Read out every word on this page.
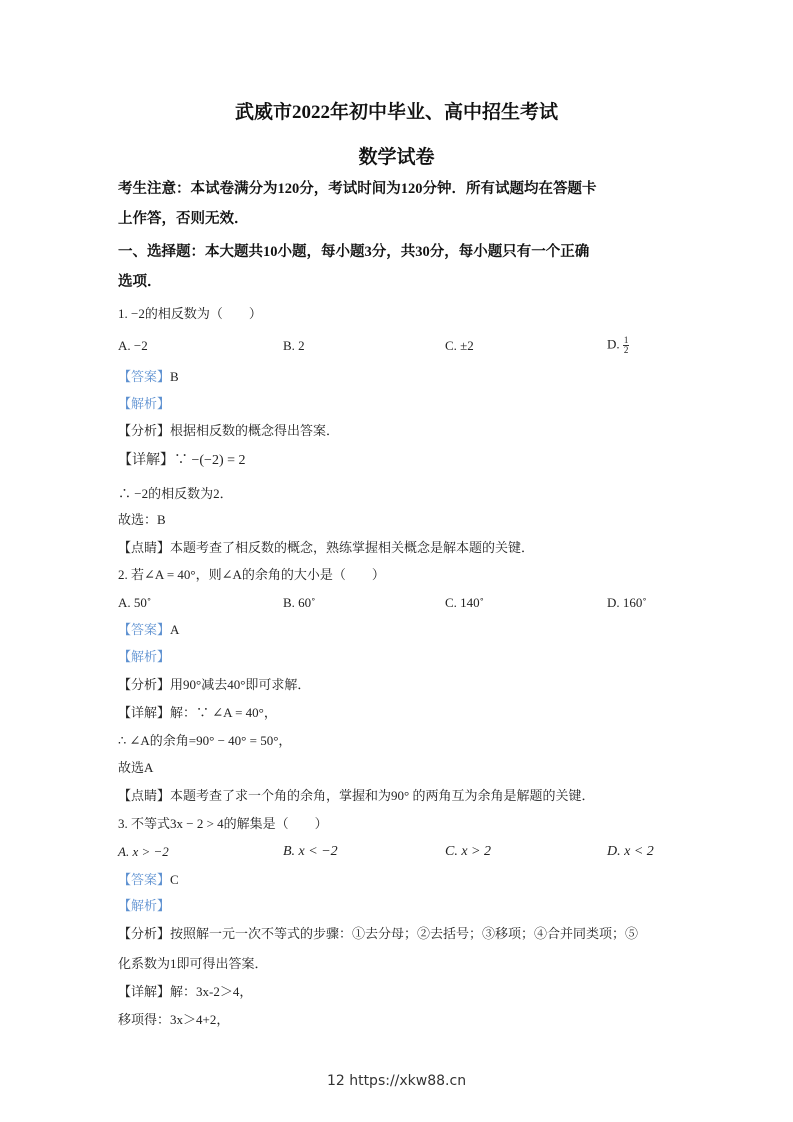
武威市2022年初中毕业、高中招生考试
数学试卷
考生注意：本试卷满分为120分，考试时间为120分钟．所有试题均在答题卡
上作答，否则无效．
一、选择题：本大题共10小题，每小题3分，共30分，每小题只有一个正确
选项．
1. −2的相反数为（　　）
A. −2	B. 2	C. ±2	D. $\frac{1}{2}$
【答案】B
【解析】
【分析】根据相反数的概念得出答案．
【详解】∵ −(−2) = 2
∴ −2的相反数为2．
故选：B
【点睛】本题考查了相反数的概念，熟练掌握相关概念是解本题的关键．
2. 若∠A = 40°，则∠A的余角的大小是（　　）
A. 50˚	B. 60˚	C. 140˚	D. 160˚
【答案】A
【解析】
【分析】用90°减去40°即可求解．
【详解】解：∵ ∠A = 40°，
∴ ∠A的余角=90° − 40° = 50°，
故选A
【点睛】本题考查了求一个角的余角，掌握和为90° 的两角互为余角是解题的关键．
3. 不等式3x − 2 > 4的解集是（　　）
A. x > −2	B. x < −2	C. x > 2	D. x < 2
【答案】C
【解析】
【分析】按照解一元一次不等式的步骤：①去分母；②去括号；③移项；④合并同类项；⑤
化系数为1即可得出答案．
【详解】解：3x-2＞4，
移项得：3x＞4+2，
12 https://xkw88.cn
